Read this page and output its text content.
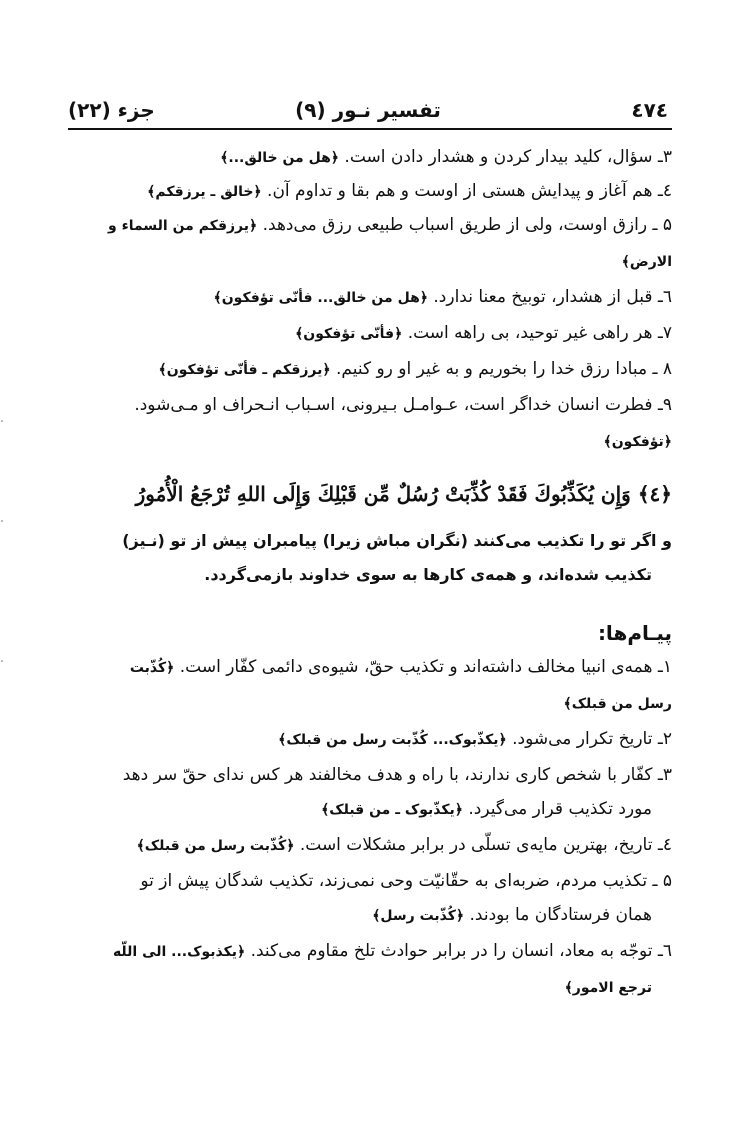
٤٧٤
تفسیر نـور (۹)
جزء (۲۲)
۳ـ سؤال، کلید بیدار کردن و هشدار دادن است. ﴿هل من خالق...﴾
٤ـ هم آغاز و پیدایش هستی از اوست و هم بقا و تداوم آن. ﴿خالق ـ یرزقکم﴾
۵ ـ رازق اوست، ولی از طریق اسباب طبیعی رزق می‌دهد. ﴿یرزقکم من السماء و
الارض﴾
٦ـ قبل از هشدار، توبیخ معنا ندارد. ﴿هل من خالق... فأنّی تؤفکون﴾
۷ـ هر راهی غیر توحید، بی راهه است. ﴿فأنّی تؤفکون﴾
۸ ـ مبادا رزق خدا را بخوریم و به غیر او رو کنیم. ﴿یرزقکم ـ فأنّی تؤفکون﴾
۹ـ فطرت انسان خداگر است، عـوامـل بـیرونی، اسـباب انـحراف او مـی‌شود.
﴿تؤفکون﴾
﴿٤﴾ وَإِن يُكَذِّبُوكَ فَقَدْ كُذِّبَتْ رُسُلٌ مِّن قَبْلِكَ وَإِلَى اللهِ تُرْجَعُ الْأُمُورُ
و اگر تو را تکذیب می‌کنند (نگران مباش زیرا) پیامبران پیش از تو (نـیز)
تکذیب شده‌اند، و همه‌ی کارها به سوی خداوند بازمی‌گردد.
پیـام‌ها:
۱ـ همه‌ی انبیا مخالف داشته‌اند و تکذیب حقّ، شیوه‌ی دائمی کفّار است. ﴿کُذّبت
رسل من قبلک﴾
۲ـ تاریخ تکرار می‌شود. ﴿یکذّبوک... کُذّبت رسل من قبلک﴾
۳ـ کفّار با شخص کاری ندارند، با راه و هدف مخالفند هر کس ندای حقّ سر دهد
مورد تکذیب قرار می‌گیرد. ﴿یکذّبوک ـ من قبلک﴾
٤ـ تاریخ، بهترین مایه‌ی تسلّی در برابر مشکلات است. ﴿کُذّبت رسل من قبلک﴾
۵ ـ تکذیب مردم، ضربه‌ای به حقّانیّت وحی نمی‌زند، تکذیب شدگان پیش از تو
همان فرستادگان ما بودند. ﴿کُذّبت رسل﴾
٦ـ توجّه به معاد، انسان را در برابر حوادث تلخ مقاوم می‌کند. ﴿یکذبوک... الی اللّه
ترجع الامور﴾
